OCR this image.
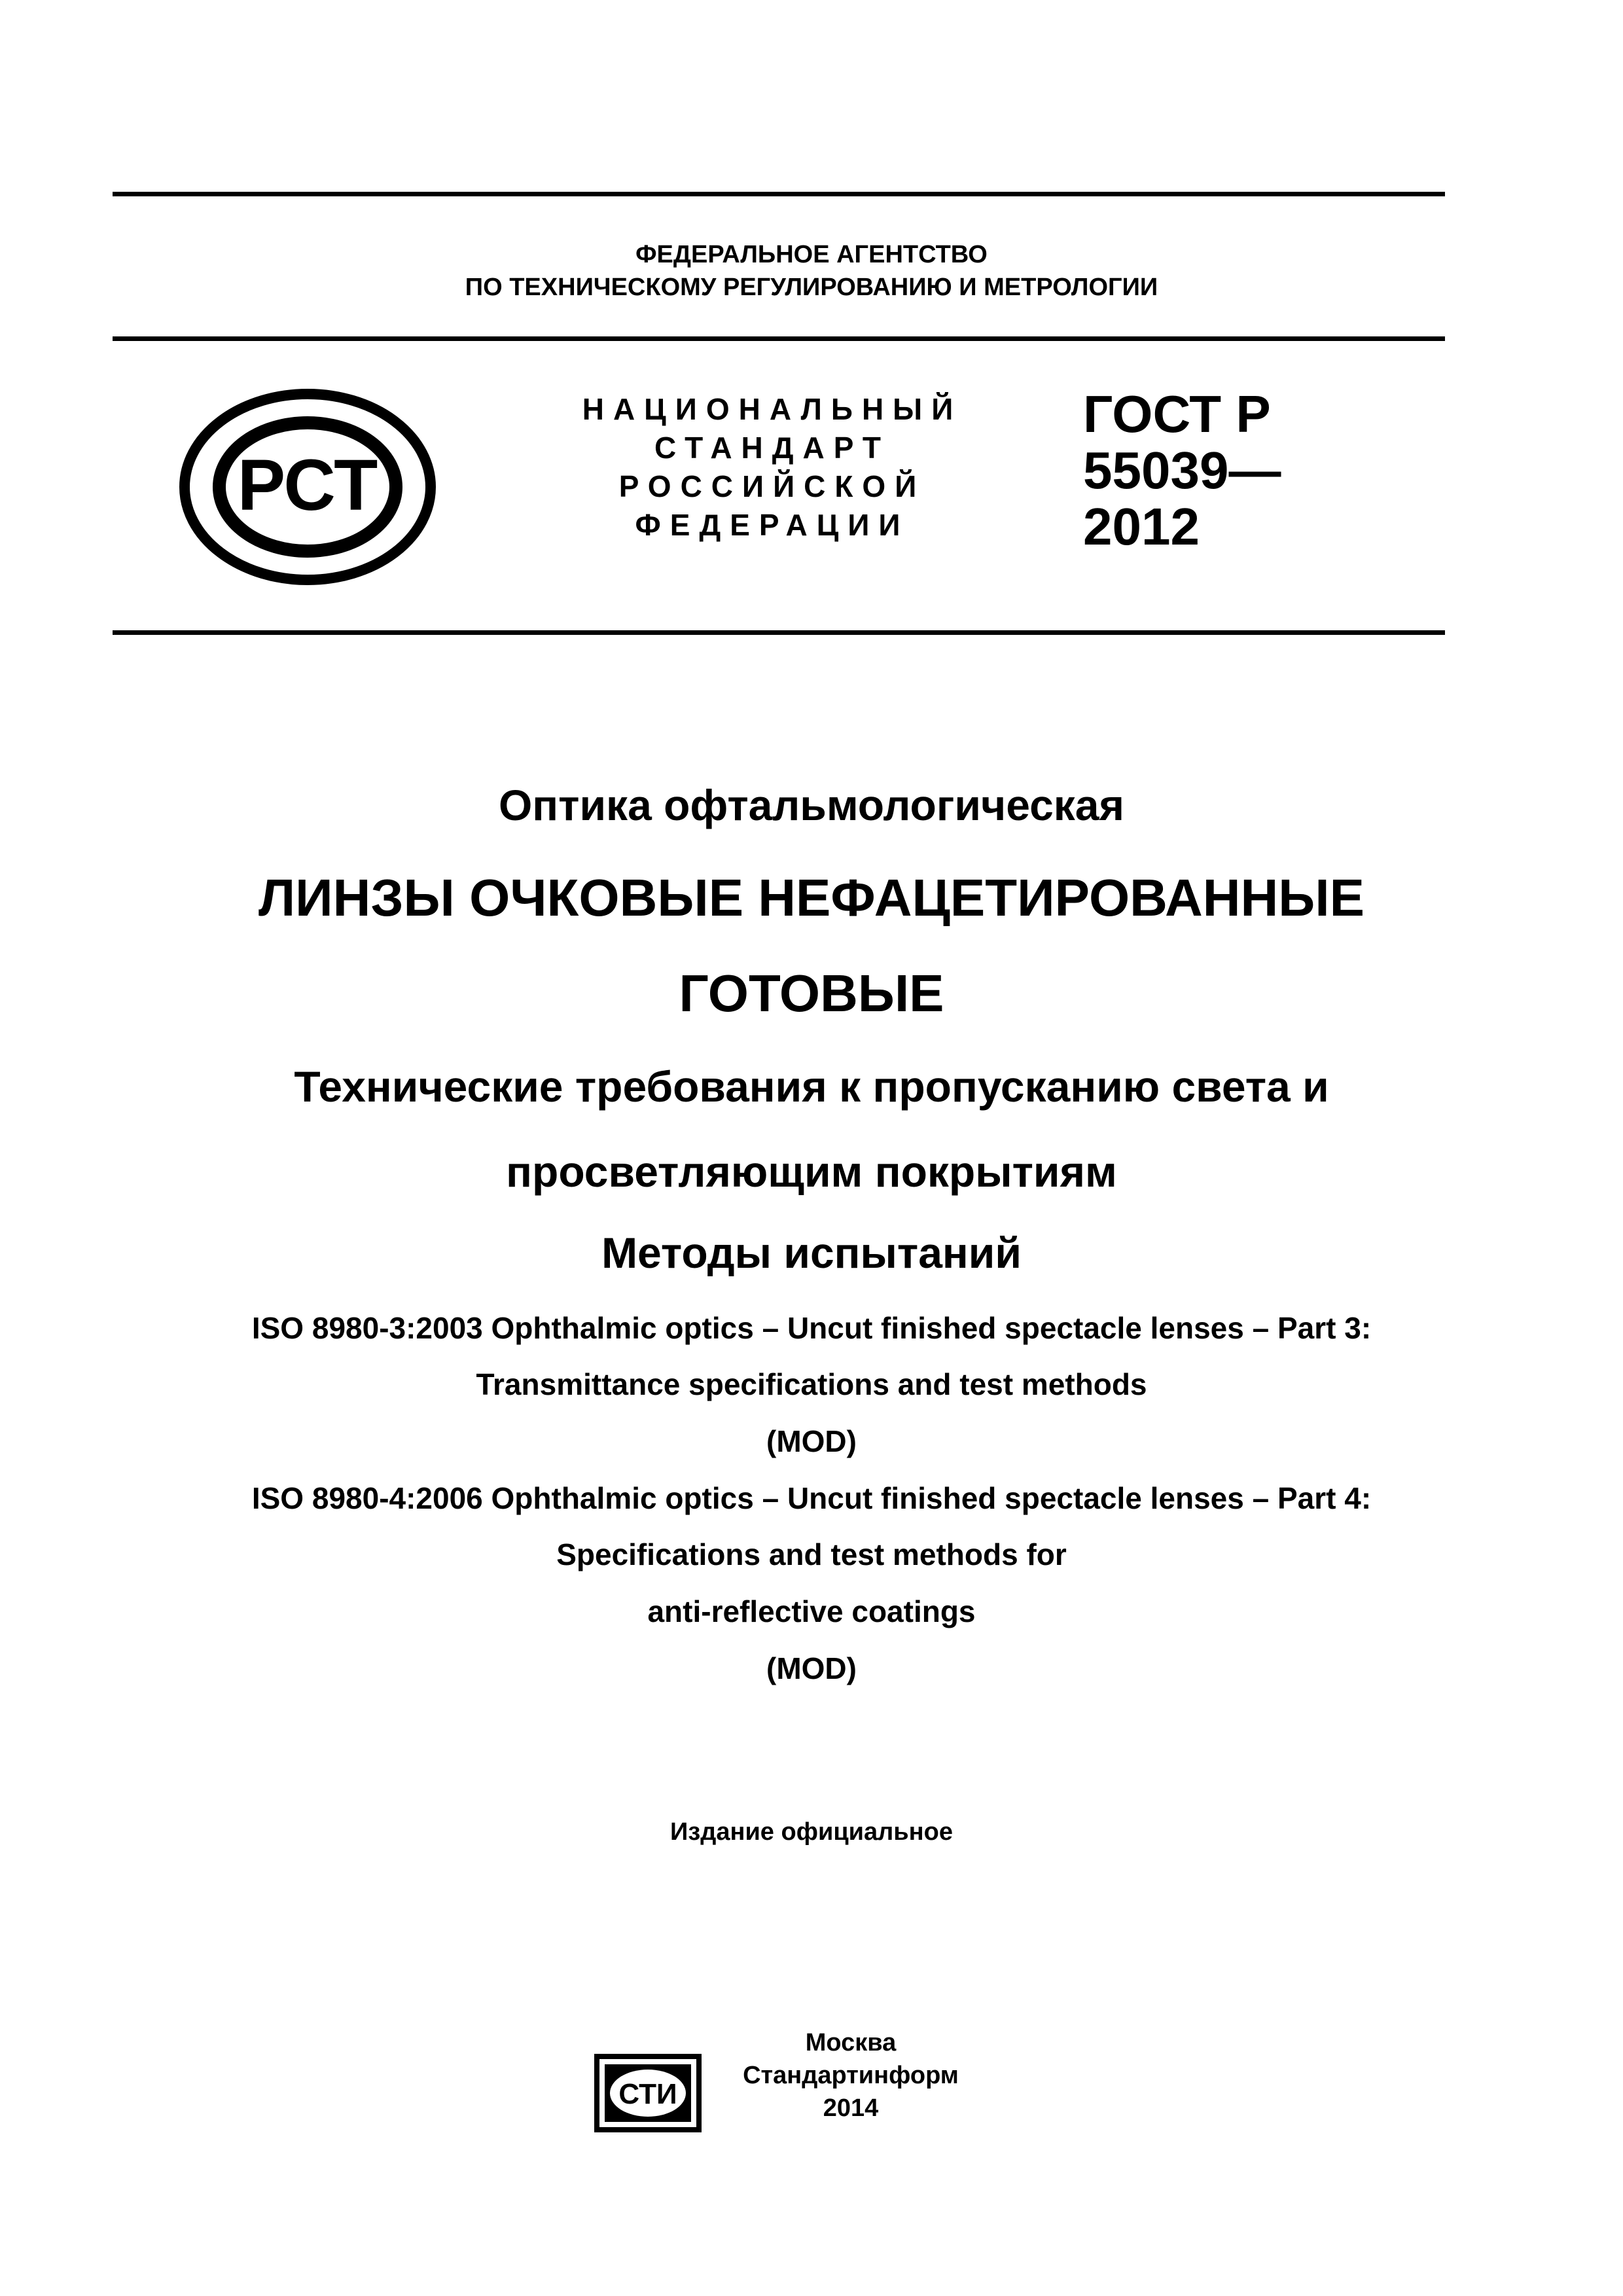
ФЕДЕРАЛЬНОЕ АГЕНТСТВО
ПО ТЕХНИЧЕСКОМУ РЕГУЛИРОВАНИЮ И МЕТРОЛОГИИ
РСТ
НАЦИОНАЛЬНЫЙ
СТАНДАРТ
РОССИЙСКОЙ
ФЕДЕРАЦИИ
ГОСТ Р
55039—
2012
Оптика офтальмологическая
ЛИНЗЫ ОЧКОВЫЕ НЕФАЦЕТИРОВАННЫЕ
ГОТОВЫЕ
Технические требования к пропусканию света и
просветляющим покрытиям
Методы испытаний
ISO 8980-3:2003 Ophthalmic optics – Uncut finished spectacle lenses – Part 3:
Transmittance specifications and test methods
(MOD)
ISO 8980-4:2006 Ophthalmic optics – Uncut finished spectacle lenses – Part 4:
Specifications and test methods for
anti-reflective coatings
(MOD)
Издание официальное
СТИ
Москва
Стандартинформ
2014
